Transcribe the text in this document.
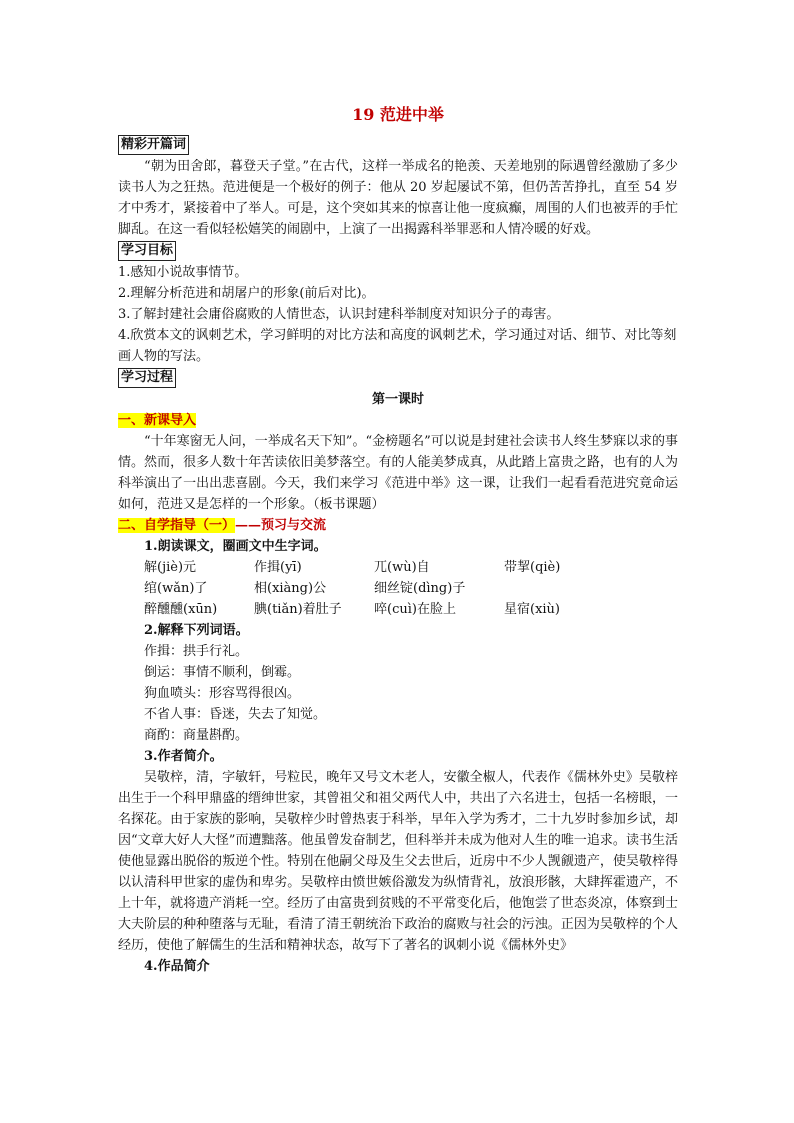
19 范进中举
精彩开篇词

“朝为田舍郎，暮登天子堂。”在古代，这样一举成名的艳羡、天差地别的际遇曾经激励了多少读书人为之狂热。范进便是一个极好的例子：他从 20 岁起屡试不第，但仍苦苦挣扎，直至 54 岁才中秀才，紧接着中了举人。可是，这个突如其来的惊喜让他一度疯癫，周围的人们也被弄的手忙脚乱。在这一看似轻松嬉笑的闹剧中，上演了一出揭露科举罪恶和人情冷暖的好戏。

学习目标

1.感知小说故事情节。

2.理解分析范进和胡屠户的形象(前后对比)。

3.了解封建社会庸俗腐败的人情世态，认识封建科举制度对知识分子的毒害。

4.欣赏本文的讽刺艺术，学习鲜明的对比方法和高度的讽刺艺术，学习通过对话、细节、对比等刻画人物的写法。

学习过程

第一课时

一、新课导入

“十年寒窗无人问，一举成名天下知”。“金榜题名”可以说是封建社会读书人终生梦寐以求的事情。然而，很多人数十年苦读依旧美梦落空。有的人能美梦成真，从此踏上富贵之路，也有的人为科举演出了一出出悲喜剧。今天，我们来学习《范进中举》这一课，让我们一起看看范进究竟命运如何，范进又是怎样的一个形象。（板书课题）

二、自学指导（一）——预习与交流

1.朗读课文，圈画文中生字词。

解(jiè)元	作揖(yī)	兀(wù)自	带挈(qiè)
绾(wǎn)了	相(xiàng)公	细丝锭(dìng)子
醉醺醺(xūn)	腆(tiǎn)着肚子	啐(cuì)在脸上	星宿(xiù)

2.解释下列词语。

作揖：拱手行礼。

倒运：事情不顺利，倒霉。

狗血喷头：形容骂得很凶。

不省人事：昏迷，失去了知觉。

商酌：商量斟酌。

3.作者简介。

吴敬梓，清，字敏轩，号粒民，晚年又号文木老人，安徽全椒人，代表作《儒林外史》吴敬梓出生于一个科甲鼎盛的缙绅世家，其曾祖父和祖父两代人中，共出了六名进士，包括一名榜眼，一名探花。由于家族的影响，吴敬梓少时曾热衷于科举，早年入学为秀才，二十九岁时参加乡试，却因“文章大好人大怪”而遭黜落。他虽曾发奋制艺，但科举并未成为他对人生的唯一追求。读书生活使他显露出脱俗的叛逆个性。特别在他嗣父母及生父去世后，近房中不少人觊觎遗产，使吴敬梓得以认清科甲世家的虚伪和卑劣。吴敬梓由愤世嫉俗激发为纵情背礼，放浪形骸，大肆挥霍遗产，不上十年，就将遗产消耗一空。经历了由富贵到贫贱的不平常变化后，他饱尝了世态炎凉，体察到士大夫阶层的种种堕落与无耻，看清了清王朝统治下政治的腐败与社会的污浊。正因为吴敬梓的个人经历，使他了解儒生的生活和精神状态，故写下了著名的讽刺小说《儒林外史》

4.作品简介
